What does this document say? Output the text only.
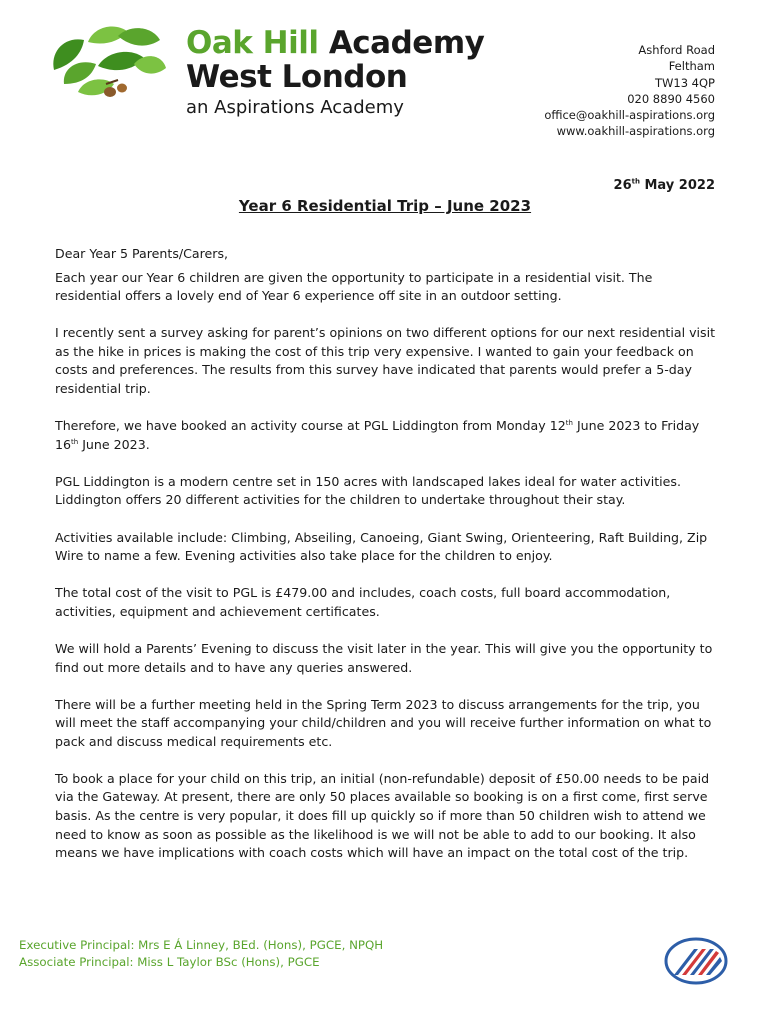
Oak Hill Academy
West London
an Aspirations Academy
Ashford Road
Feltham
TW13 4QP
020 8890 4560
office@oakhill-aspirations.org
www.oakhill-aspirations.org
26th May 2022
Year 6 Residential Trip – June 2023

Dear Year 5 Parents/Carers,

Each year our Year 6 children are given the opportunity to participate in a residential visit. The residential offers a lovely end of Year 6 experience off site in an outdoor setting.

I recently sent a survey asking for parent’s opinions on two different options for our next residential visit as the hike in prices is making the cost of this trip very expensive. I wanted to gain your feedback on costs and preferences. The results from this survey have indicated that parents would prefer a 5-day residential trip.

Therefore, we have booked an activity course at PGL Liddington from Monday 12th June 2023 to Friday 16th June 2023.

PGL Liddington is a modern centre set in 150 acres with landscaped lakes ideal for water activities. Liddington offers 20 different activities for the children to undertake throughout their stay.

Activities available include: Climbing, Abseiling, Canoeing, Giant Swing, Orienteering, Raft Building, Zip Wire to name a few. Evening activities also take place for the children to enjoy.

The total cost of the visit to PGL is £479.00 and includes, coach costs, full board accommodation, activities, equipment and achievement certificates.

We will hold a Parents’ Evening to discuss the visit later in the year. This will give you the opportunity to find out more details and to have any queries answered.

There will be a further meeting held in the Spring Term 2023 to discuss arrangements for the trip, you will meet the staff accompanying your child/children and you will receive further information on what to pack and discuss medical requirements etc.

To book a place for your child on this trip, an initial (non-refundable) deposit of £50.00 needs to be paid via the Gateway. At present, there are only 50 places available so booking is on a first come, first serve basis. As the centre is very popular, it does fill up quickly so if more than 50 children wish to attend we need to know as soon as possible as the likelihood is we will not be able to add to our booking. It also means we have implications with coach costs which will have an impact on the total cost of the trip.

Executive Principal: Mrs E Á Linney, BEd. (Hons), PGCE, NPQH
Associate Principal: Miss L Taylor BSc (Hons), PGCE
